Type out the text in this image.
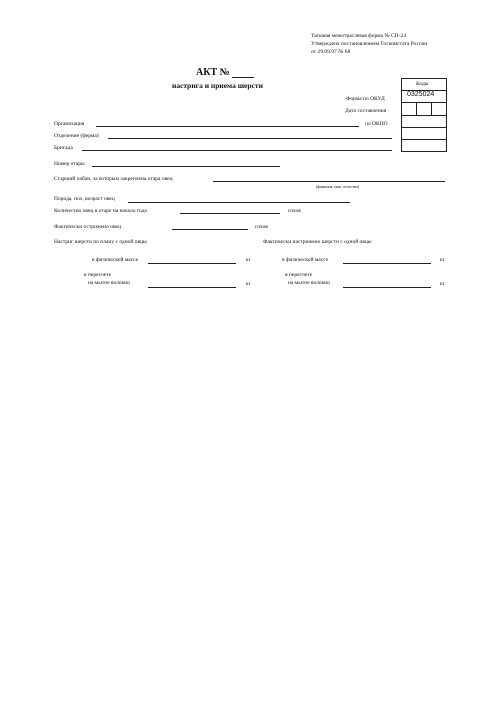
Типовая межотраслевая форма № СП-24
Утверждена постановлением Госкомстата России
от 29.09.97 № 68
АКТ №
настрига и приема шерсти	Коды
0325024
Форма по ОКУД
Дата составления
по ОКПО
Организация
Отделение (ферма)
Бригада
Номер отары
Старший чабан, за которым закреплена отара овец
(фамилия, имя, отчество)
Порода, пол, возраст овец
Количество овец в отаре на начало года	голов
Фактически острижено овец	голов
Настриг шерсти по плану с одной овцы	Фактически настрижено шерсти с одной овцы
в физической массе	кг	в физической массе	кг
в пересчете
на мытое волокно	кг
в пересчете
на мытое волокно	кг
